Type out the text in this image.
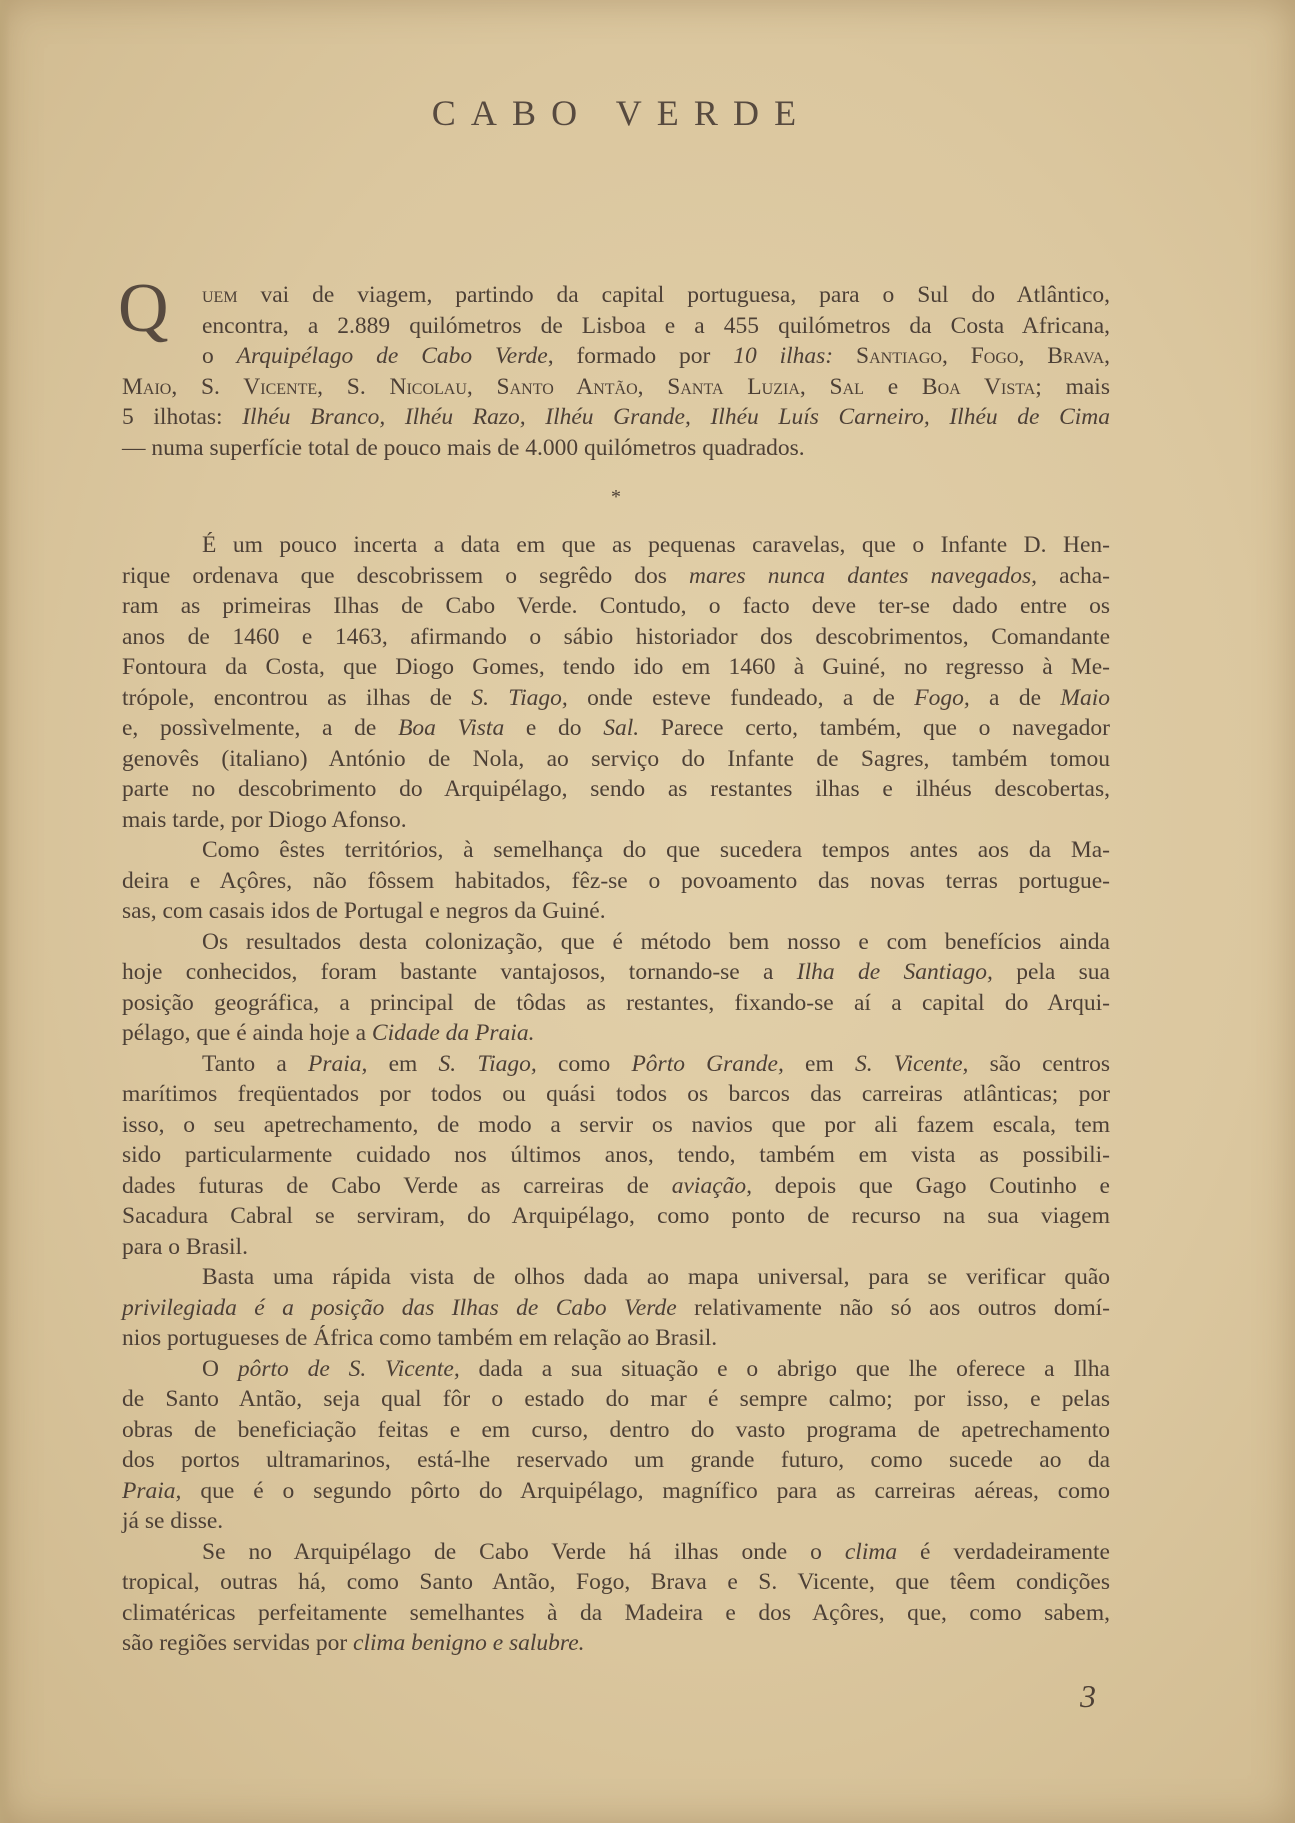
CABO VERDE
Q	uem vai de viagem, partindo da capital portuguesa, para o Sul do Atlântico,
encontra, a 2.889 quilómetros de Lisboa e a 455 quilómetros da Costa Africana,
o Arquipélago de Cabo Verde, formado por 10 ilhas: Santiago, Fogo, Brava,
Maio, S. Vicente, S. Nicolau, Santo Antão, Santa Luzia, Sal e Boa Vista; mais
5 ilhotas: Ilhéu Branco, Ilhéu Razo, Ilhéu Grande, Ilhéu Luís Carneiro, Ilhéu de Cima
— numa superfície total de pouco mais de 4.000 quilómetros quadrados.
*
É um pouco incerta a data em que as pequenas caravelas, que o Infante D. Hen-
rique ordenava que descobrissem o segrêdo dos mares nunca dantes navegados, acha-
ram as primeiras Ilhas de Cabo Verde. Contudo, o facto deve ter-se dado entre os
anos de 1460 e 1463, afirmando o sábio historiador dos descobrimentos, Comandante
Fontoura da Costa, que Diogo Gomes, tendo ido em 1460 à Guiné, no regresso à Me-
trópole, encontrou as ilhas de S. Tiago, onde esteve fundeado, a de Fogo, a de Maio
e, possìvelmente, a de Boa Vista e do Sal. Parece certo, também, que o navegador
genovês (italiano) António de Nola, ao serviço do Infante de Sagres, também tomou
parte no descobrimento do Arquipélago, sendo as restantes ilhas e ilhéus descobertas,
mais tarde, por Diogo Afonso.
Como êstes territórios, à semelhança do que sucedera tempos antes aos da Ma-
deira e Açôres, não fôssem habitados, fêz-se o povoamento das novas terras portugue-
sas, com casais idos de Portugal e negros da Guiné.
Os resultados desta colonização, que é método bem nosso e com benefícios ainda
hoje conhecidos, foram bastante vantajosos, tornando-se a Ilha de Santiago, pela sua
posição geográfica, a principal de tôdas as restantes, fixando-se aí a capital do Arqui-
pélago, que é ainda hoje a Cidade da Praia.
Tanto a Praia, em S. Tiago, como Pôrto Grande, em S. Vicente, são centros
marítimos freqüentados por todos ou quási todos os barcos das carreiras atlânticas; por
isso, o seu apetrechamento, de modo a servir os navios que por ali fazem escala, tem
sido particularmente cuidado nos últimos anos, tendo, também em vista as possibili-
dades futuras de Cabo Verde as carreiras de aviação, depois que Gago Coutinho e
Sacadura Cabral se serviram, do Arquipélago, como ponto de recurso na sua viagem
para o Brasil.
Basta uma rápida vista de olhos dada ao mapa universal, para se verificar quão
privilegiada é a posição das Ilhas de Cabo Verde relativamente não só aos outros domí-
nios portugueses de África como também em relação ao Brasil.
O pôrto de S. Vicente, dada a sua situação e o abrigo que lhe oferece a Ilha
de Santo Antão, seja qual fôr o estado do mar é sempre calmo; por isso, e pelas
obras de beneficiação feitas e em curso, dentro do vasto programa de apetrechamento
dos portos ultramarinos, está-lhe reservado um grande futuro, como sucede ao da
Praia, que é o segundo pôrto do Arquipélago, magnífico para as carreiras aéreas, como
já se disse.
Se no Arquipélago de Cabo Verde há ilhas onde o clima é verdadeiramente
tropical, outras há, como Santo Antão, Fogo, Brava e S. Vicente, que têem condições
climatéricas perfeitamente semelhantes à da Madeira e dos Açôres, que, como sabem,
são regiões servidas por clima benigno e salubre.
3
